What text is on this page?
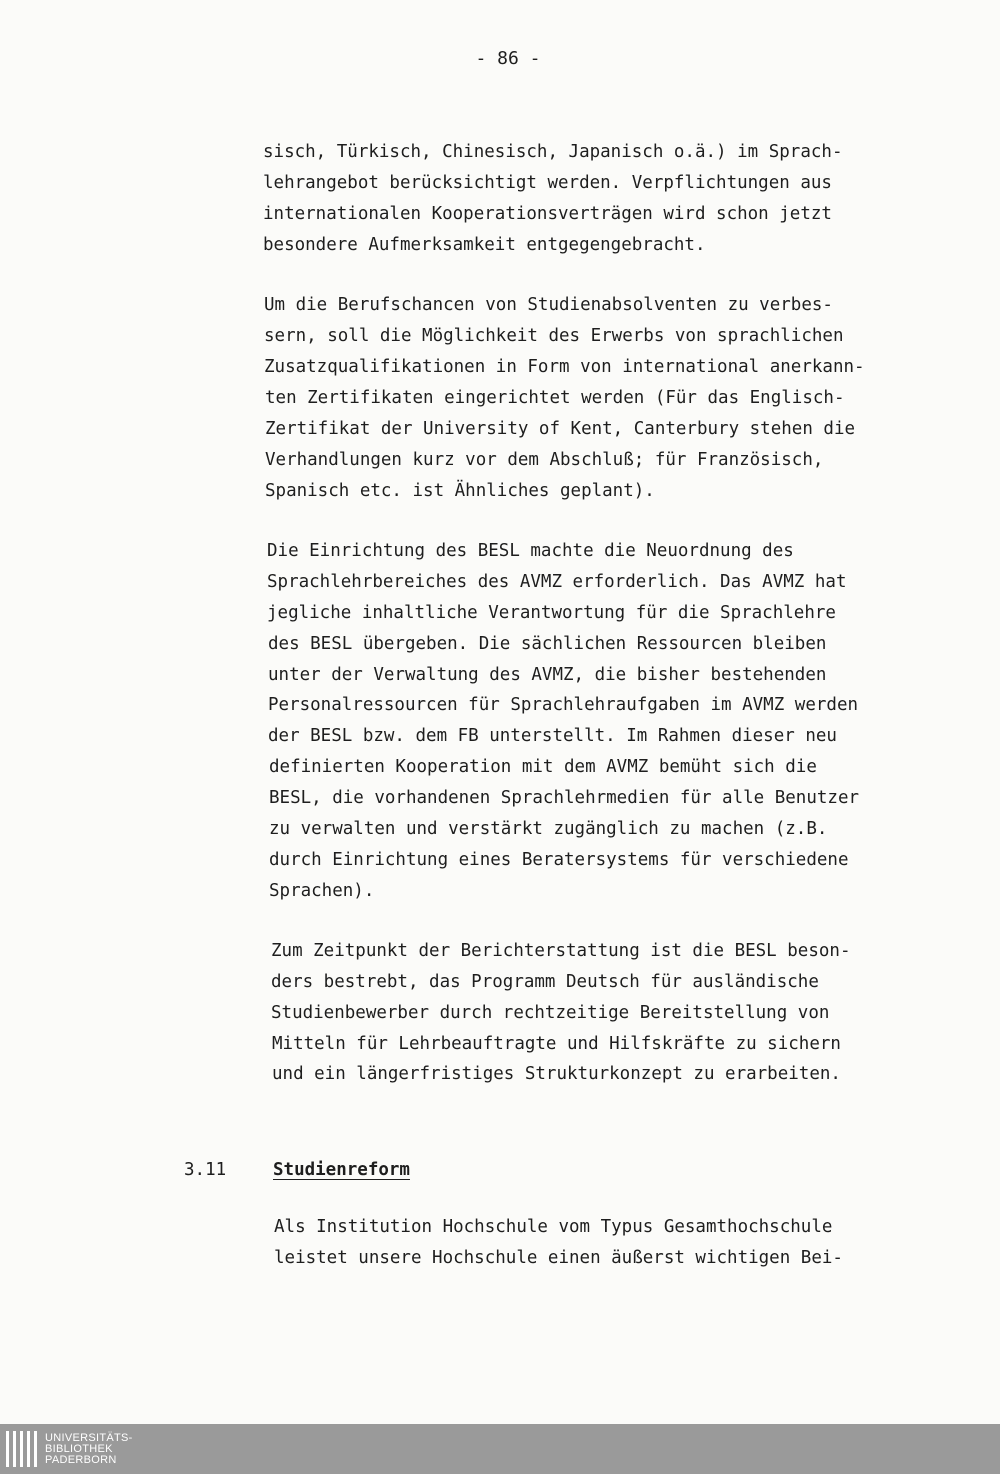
- 86 -
sisch, Türkisch, Chinesisch, Japanisch o.ä.) im Sprach-
lehrangebot berücksichtigt werden. Verpflichtungen aus
internationalen Kooperationsverträgen wird schon jetzt
besondere Aufmerksamkeit entgegengebracht.
Um die Berufschancen von Studienabsolventen zu verbes-
sern, soll die Möglichkeit des Erwerbs von sprachlichen
Zusatzqualifikationen in Form von international anerkann-
ten Zertifikaten eingerichtet werden (Für das Englisch-
Zertifikat der University of Kent, Canterbury stehen die
Verhandlungen kurz vor dem Abschluß; für Französisch,
Spanisch etc. ist Ähnliches geplant).
Die Einrichtung des BESL machte die Neuordnung des
Sprachlehrbereiches des AVMZ erforderlich. Das AVMZ hat
jegliche inhaltliche Verantwortung für die Sprachlehre
des BESL übergeben. Die sächlichen Ressourcen bleiben
unter der Verwaltung des AVMZ, die bisher bestehenden
Personalressourcen für Sprachlehraufgaben im AVMZ werden
der BESL bzw. dem FB unterstellt. Im Rahmen dieser neu
definierten Kooperation mit dem AVMZ bemüht sich die
BESL, die vorhandenen Sprachlehrmedien für alle Benutzer
zu verwalten und verstärkt zugänglich zu machen (z.B.
durch Einrichtung eines Beratersystems für verschiedene
Sprachen).
Zum Zeitpunkt der Berichterstattung ist die BESL beson-
ders bestrebt, das Programm Deutsch für ausländische
Studienbewerber durch rechtzeitige Bereitstellung von
Mitteln für Lehrbeauftragte und Hilfskräfte zu sichern
und ein längerfristiges Strukturkonzept zu erarbeiten.
3.11	Studienreform
Als Institution Hochschule vom Typus Gesamthochschule
leistet unsere Hochschule einen äußerst wichtigen Bei-
UNIVERSITÄTS-
BIBLIOTHEK
PADERBORN
